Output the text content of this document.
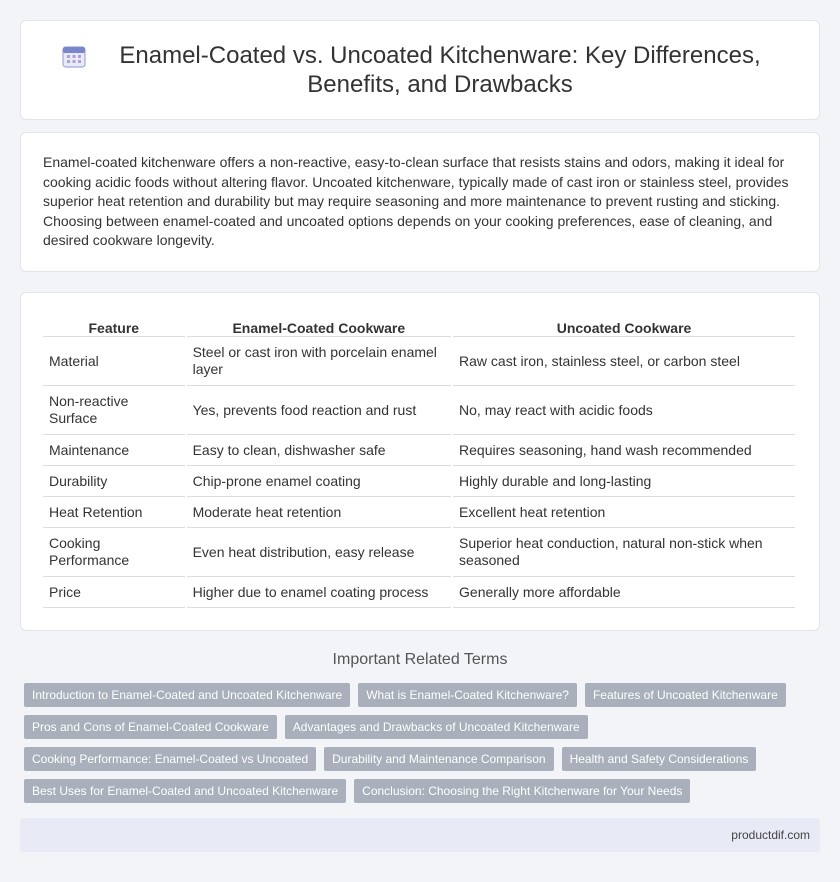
Enamel-Coated vs. Uncoated Kitchenware: Key Differences, Benefits, and Drawbacks

Enamel-coated kitchenware offers a non-reactive, easy-to-clean surface that resists stains and odors, making it ideal for cooking acidic foods without altering flavor. Uncoated kitchenware, typically made of cast iron or stainless steel, provides superior heat retention and durability but may require seasoning and more maintenance to prevent rusting and sticking. Choosing between enamel-coated and uncoated options depends on your cooking preferences, ease of cleaning, and desired cookware longevity.

Feature	Enamel-Coated Cookware	Uncoated Cookware
Material	Steel or cast iron with porcelain enamel layer	Raw cast iron, stainless steel, or carbon steel
Non-reactive Surface	Yes, prevents food reaction and rust	No, may react with acidic foods
Maintenance	Easy to clean, dishwasher safe	Requires seasoning, hand wash recommended
Durability	Chip-prone enamel coating	Highly durable and long-lasting
Heat Retention	Moderate heat retention	Excellent heat retention
Cooking Performance	Even heat distribution, easy release	Superior heat conduction, natural non-stick when seasoned
Price	Higher due to enamel coating process	Generally more affordable
Important Related Terms
Introduction to Enamel-Coated and Uncoated Kitchenware	What is Enamel-Coated Kitchenware?	Features of Uncoated Kitchenware
Pros and Cons of Enamel-Coated Cookware	Advantages and Drawbacks of Uncoated Kitchenware
Cooking Performance: Enamel-Coated vs Uncoated	Durability and Maintenance Comparison	Health and Safety Considerations
Best Uses for Enamel-Coated and Uncoated Kitchenware	Conclusion: Choosing the Right Kitchenware for Your Needs
productdif.com
